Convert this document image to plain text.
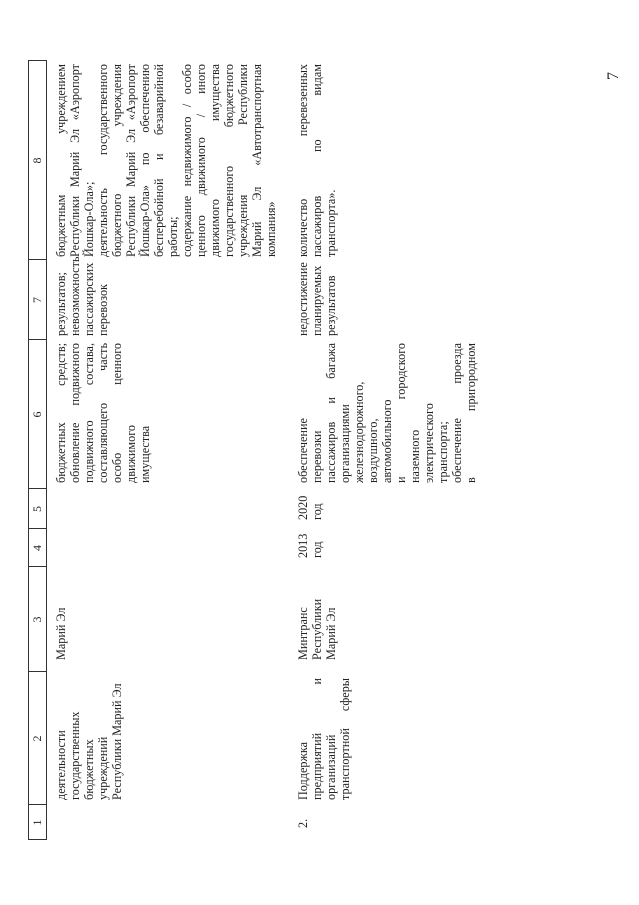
7
1
2
3
4
5
6
7
8
деятельности государственных бюджетных учреждений Республики Марий Эл
Марий Эл
бюджетных средств; обновление подвижного подвижного состава, составляющего часть особо ценного движимого имущества
результатов; невозможность пассажирских перевозок
бюджетным учреждением Республики Марий Эл «Аэропорт Йошкар-Ола»; деятельность государственного бюджетного учреждения Республики Марий Эл «Аэропорт Йошкар-Ола» по обеспечению бесперебойной и безаварийной работы; содержание недвижимого / особо ценного движимого / иного движимого имущества государственного бюджетного учреждения Республики Марий Эл «Автотранспортная компания»
2.
Поддержка предприятий и организаций транспортной сферы
Минтранс Республики Марий Эл
2013 год
2020 год
обеспечение перевозки пассажиров и багажа организациями железнодорожного, воздушного, автомобильного и городского наземного электрического транспорта; обеспечение проезда в пригородном
недостижение планируемых результатов
количество перевезенных пассажиров по видам транспорта».
